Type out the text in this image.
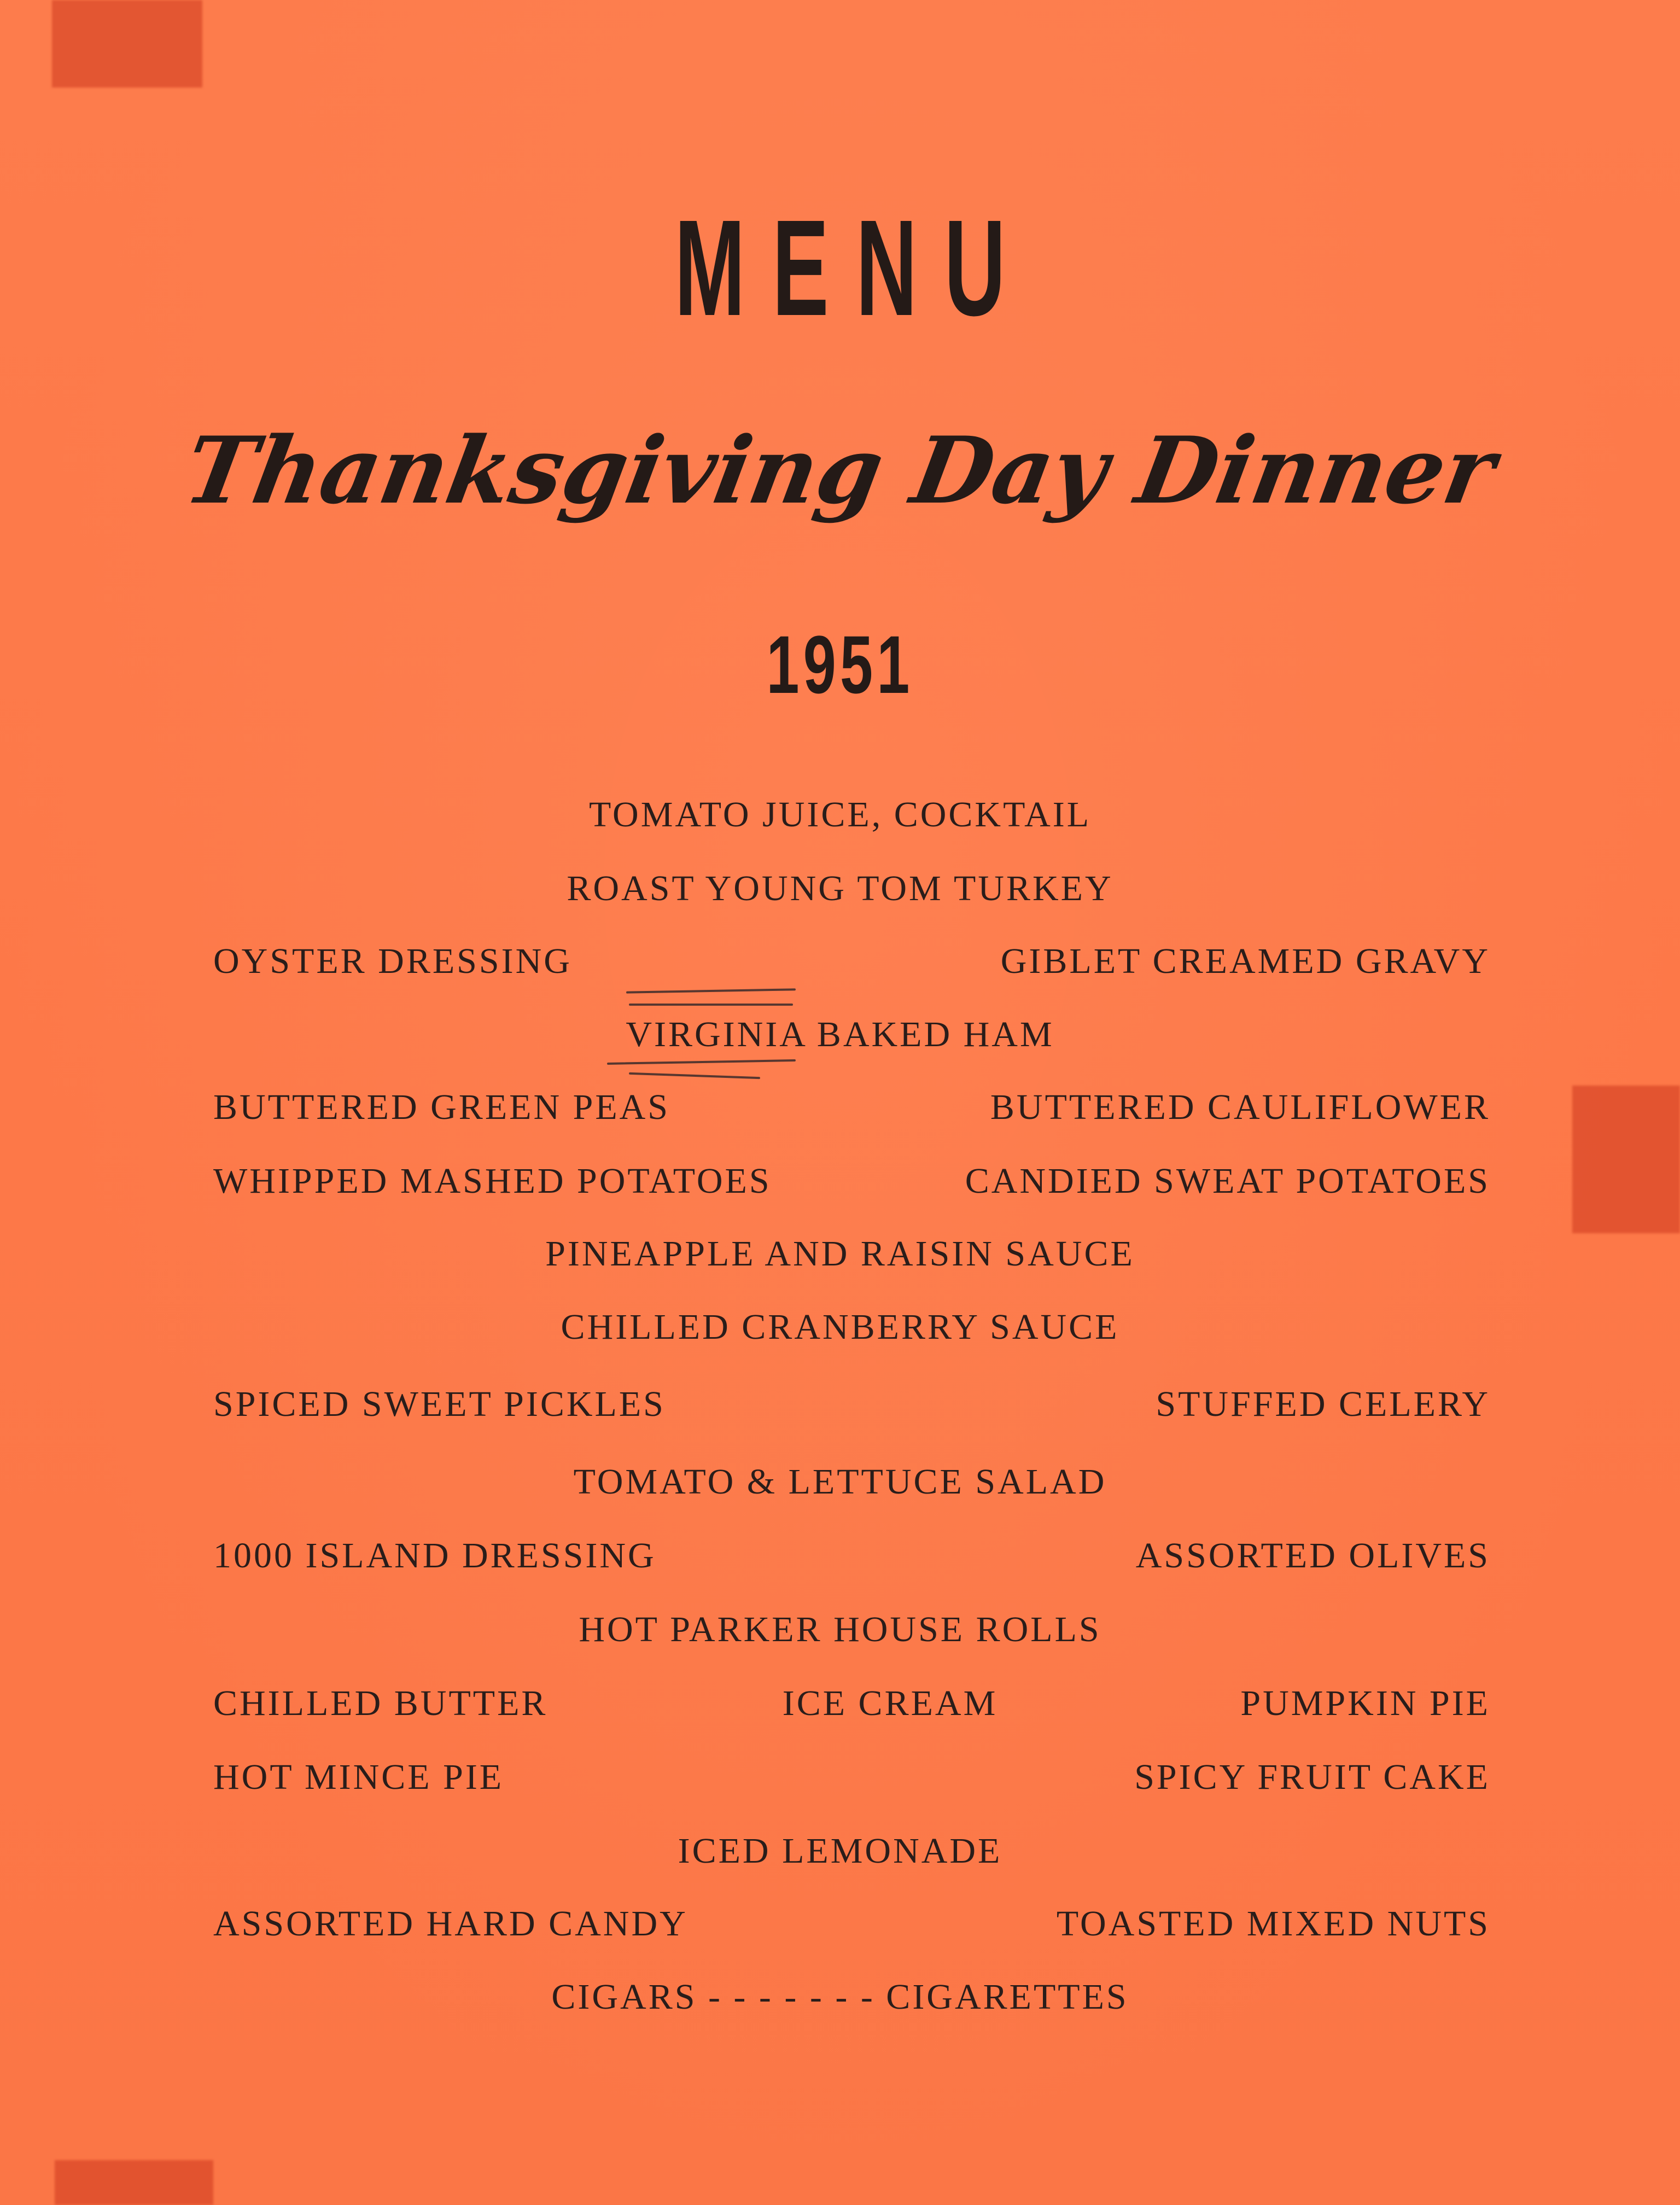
MENU
Thanksgiving Day Dinner
1951
TOMATO JUICE, COCKTAIL
ROAST YOUNG TOM TURKEY
OYSTER DRESSING	GIBLET CREAMED GRAVY
VIRGINIA BAKED HAM
BUTTERED GREEN PEAS	BUTTERED CAULIFLOWER
WHIPPED MASHED POTATOES	CANDIED SWEAT POTATOES
PINEAPPLE AND RAISIN SAUCE
CHILLED CRANBERRY SAUCE
SPICED SWEET PICKLES	STUFFED CELERY
TOMATO & LETTUCE SALAD
1000 ISLAND DRESSING	ASSORTED OLIVES
HOT PARKER HOUSE ROLLS
CHILLED BUTTER	ICE CREAM	PUMPKIN PIE
HOT MINCE PIE	SPICY FRUIT CAKE
ICED LEMONADE
ASSORTED HARD CANDY	TOASTED MIXED NUTS
CIGARS - - - - - - - CIGARETTES
